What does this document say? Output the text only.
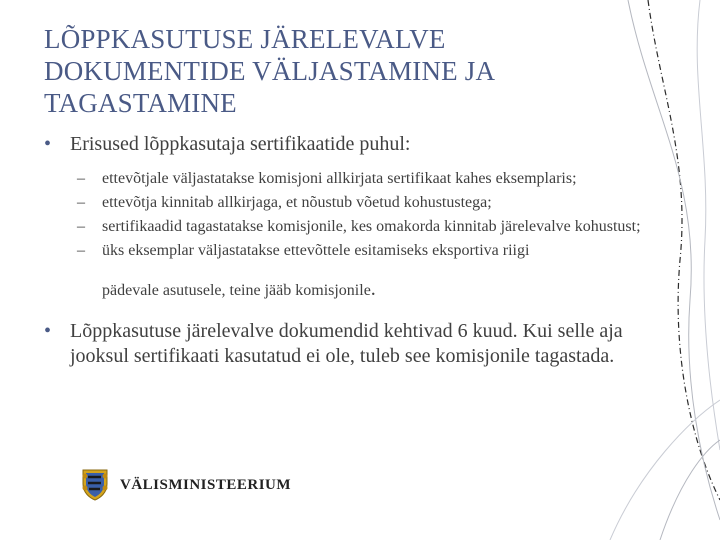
LÕPPKASUTUSE JÄRELEVALVE
DOKUMENTIDE VÄLJASTAMINE JA
TAGASTAMINE
• Erisused lõppkasutaja sertifikaatide puhul:
– ettevõtjale väljastatakse komisjoni allkirjata sertifikaat kahes eksemplaris;
– ettevõtja kinnitab allkirjaga, et nõustub võetud kohustustega;
– sertifikaadid tagastatakse komisjonile, kes omakorda kinnitab järelevalve kohustust;
– üks eksemplar väljastatakse ettevõttele esitamiseks eksportiva riigi
pädevale asutusele, teine jääb komisjonile.
• Lõppkasutuse järelevalve dokumendid kehtivad 6 kuud. Kui selle aja jooksul sertifikaati kasutatud ei ole, tuleb see komisjonile tagastada.
VÄLISMINISTEERIUM
